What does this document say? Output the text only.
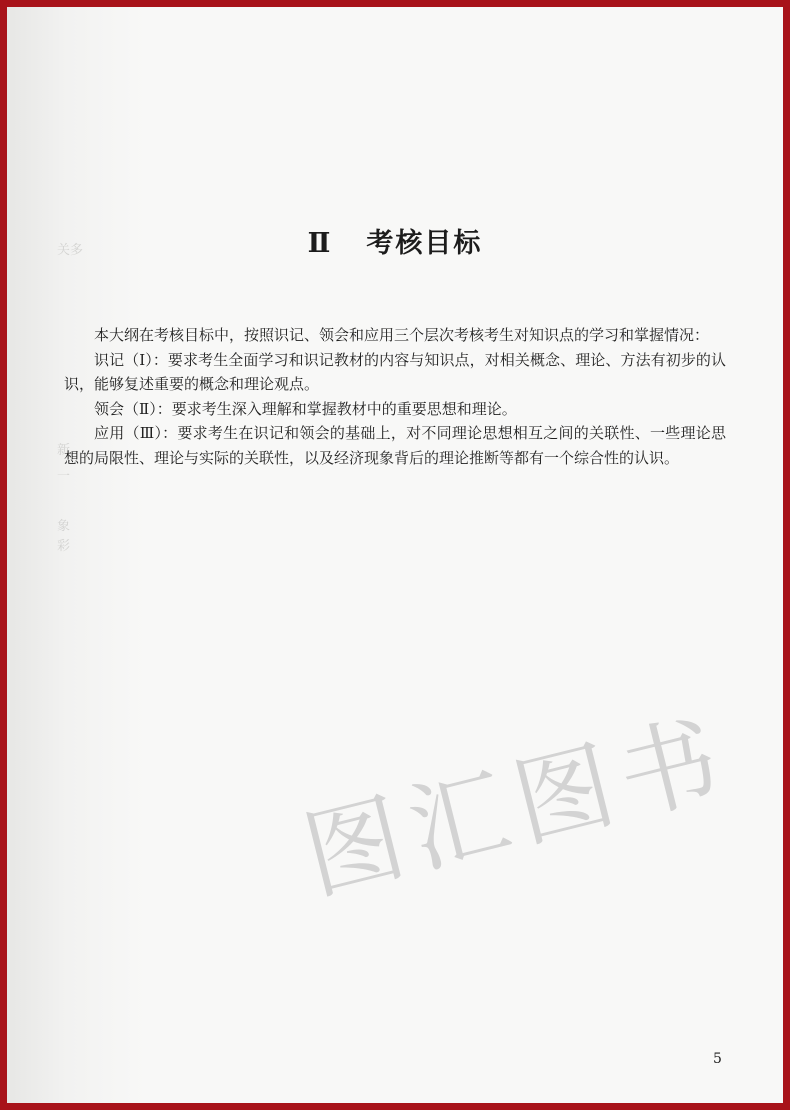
关多
新
一
象
彩
Ⅱ 考核目标

本大纲在考核目标中，按照识记、领会和应用三个层次考核考生对知识点的学习和掌握情况：

识记（Ⅰ）：要求考生全面学习和识记教材的内容与知识点，对相关概念、理论、方法有初步的认识，能够复述重要的概念和理论观点。

领会（Ⅱ）：要求考生深入理解和掌握教材中的重要思想和理论。

应用（Ⅲ）：要求考生在识记和领会的基础上，对不同理论思想相互之间的关联性、一些理论思想的局限性、理论与实际的关联性，以及经济现象背后的理论推断等都有一个综合性的认识。

图汇图书
5
